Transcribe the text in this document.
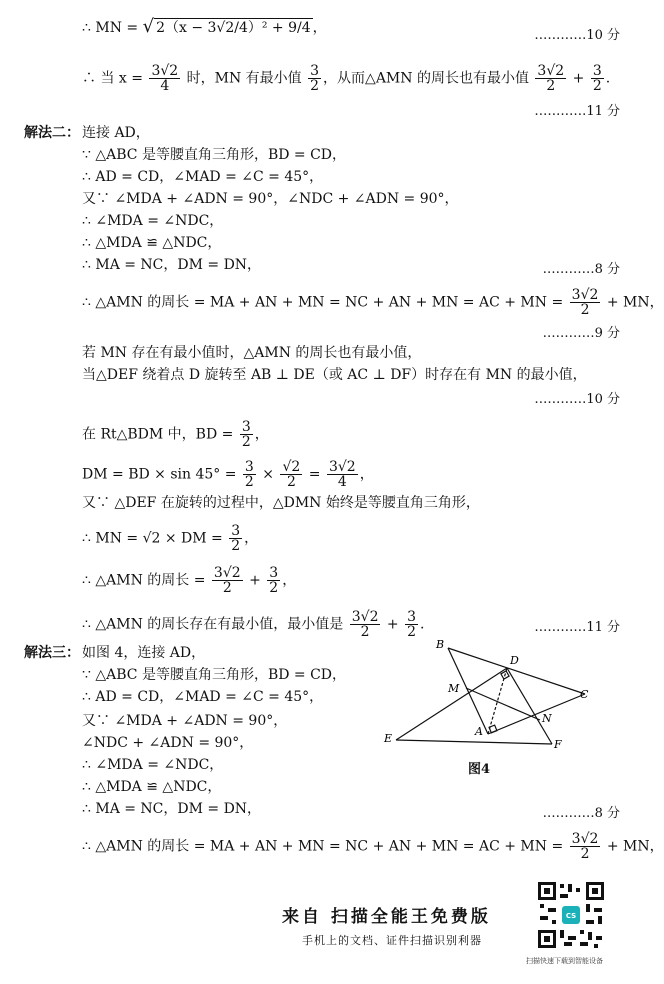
∴ MN = √ 2（x − 3√2/4）² + 9/4 ，	…………10 分
∴ 当 $x = \frac{3√2}{4}$ 时，MN 有最小值 $\frac{3}{2}$ ，从而△AMN 的周长也有最小值 $\frac{3√2}{2} + \frac{3}{2}$ .
…………11 分
解法二： 连接 AD，
∵ △ABC 是等腰直角三角形，BD = CD，
∴ AD = CD，∠MAD = ∠C = 45°，
又∵ ∠MDA + ∠ADN = 90°，∠NDC + ∠ADN = 90°，
∴ ∠MDA = ∠NDC，
∴ △MDA ≌ △NDC，
∴ MA = NC，DM = DN，	…………8 分
∴ △AMN 的周长 = MA + AN + MN = NC + AN + MN = AC + MN = $\frac{3√2}{2}$ + MN，
…………9 分
若 MN 存在有最小值时，△AMN 的周长也有最小值，
当△DEF 绕着点 D 旋转至 AB ⊥ DE（或 AC ⊥ DF）时存在有 MN 的最小值，
…………10 分
在 Rt△BDM 中，BD = $\frac{3}{2}$ ，
DM = BD × $\sin 45^\circ = \frac{3}{2} \times \frac{√2}{2} = \frac{3√2}{4}$ ，
又∵ △DEF 在旋转的过程中，△DMN 始终是等腰直角三角形，
∴ MN = √2 × DM = $\frac{3}{2}$ ，
∴ △AMN 的周长 = $\frac{3√2}{2} + \frac{3}{2}$ ，
∴ △AMN 的周长存在有最小值，最小值是 $\frac{3√2}{2} + \frac{3}{2}$ .	…………11 分
解法三： 如图 4，连接 AD，
∵ △ABC 是等腰直角三角形，BD = CD，
∴ AD = CD，∠MAD = ∠C = 45°，
又∵ ∠MDA + ∠ADN = 90°，
∠NDC + ∠ADN = 90°，
∴ ∠MDA = ∠NDC，
∴ △MDA ≌ △NDC，
∴ MA = NC，DM = DN，	…………8 分
∴ △AMN 的周长 = MA + AN + MN = NC + AN + MN = AC + MN = $\frac{3√2}{2}$ + MN，
B
D
M	C
N
E
A
F
图4
来自 扫描全能王免费版
手机上的文档、证件扫描识别利器
CS
扫描快速下载到智能设备
